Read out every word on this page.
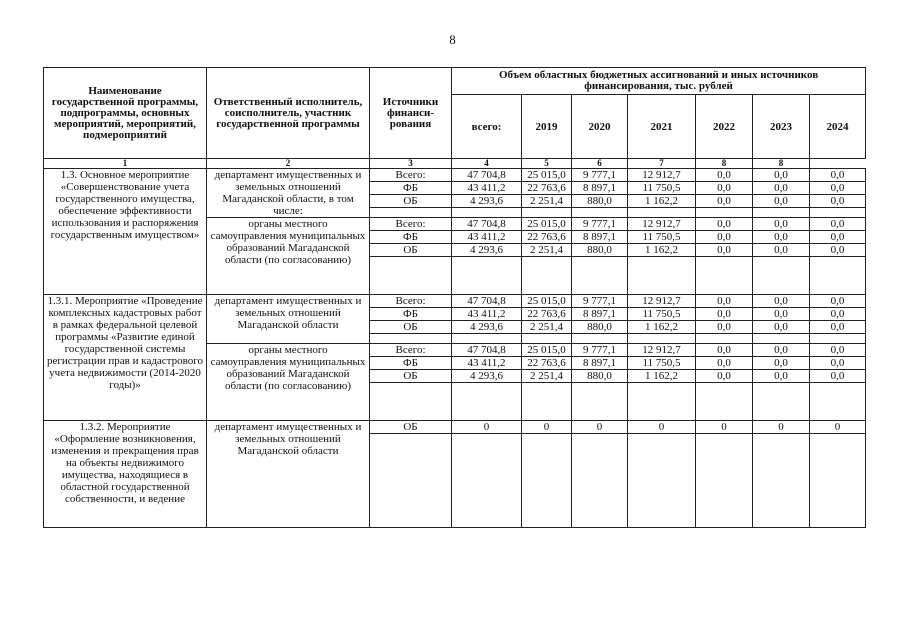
8
Наименование государственной программы, подпрограммы, основных мероприятий, мероприятий, подмероприятий	Ответственный исполнитель, соисполнитель, участник государственной программы	Источники финанси-рования	Объем областных бюджетных ассигнований и иных источников финансирования, тыс. рублей						
			всего:	2019	2020	2021	2022	2023	2024
1	2	3	4	5	6	7	8	8	
1.3. Основное мероприятие «Совершенствование учета государственного имущества, обеспечение эффективности использования и распоряжения государственным имуществом»	департамент имущественных и земельных отношений Магаданской области, в том числе:	Всего:	47 704,8	25 015,0	9 777,1	12 912,7	0,0	0,0	0,0
		ФБ	43 411,2	22 763,6	8 897,1	11 750,5	0,0	0,0	0,0
		ОБ	4 293,6	2 251,4	880,0	1 162,2	0,0	0,0	0,0

	органы местного самоуправления муниципальных образований Магаданской области (по согласованию)	Всего:	47 704,8	25 015,0	9 777,1	12 912,7	0,0	0,0	0,0
		ФБ	43 411,2	22 763,6	8 897,1	11 750,5	0,0	0,0	0,0
		ОБ	4 293,6	2 251,4	880,0	1 162,2	0,0	0,0	0,0

1.3.1. Мероприятие «Проведение комплексных кадастровых работ в рамках федеральной целевой программы «Развитие единой государственной системы регистрации прав и кадастрового учета недвижимости (2014-2020 годы)»	департамент имущественных и земельных отношений Магаданской области	Всего:	47 704,8	25 015,0	9 777,1	12 912,7	0,0	0,0	0,0
		ФБ	43 411,2	22 763,6	8 897,1	11 750,5	0,0	0,0	0,0
		ОБ	4 293,6	2 251,4	880,0	1 162,2	0,0	0,0	0,0

	органы местного самоуправления муниципальных образований Магаданской области (по согласованию)	Всего:	47 704,8	25 015,0	9 777,1	12 912,7	0,0	0,0	0,0
		ФБ	43 411,2	22 763,6	8 897,1	11 750,5	0,0	0,0	0,0
		ОБ	4 293,6	2 251,4	880,0	1 162,2	0,0	0,0	0,0

1.3.2. Мероприятие «Оформление возникновения, изменения и прекращения прав на объекты недвижимого имущества, находящиеся в областной государственной собственности, и ведение	департамент имущественных и земельных отношений Магаданской области	ОБ	0	0	0	0	0	0	0
